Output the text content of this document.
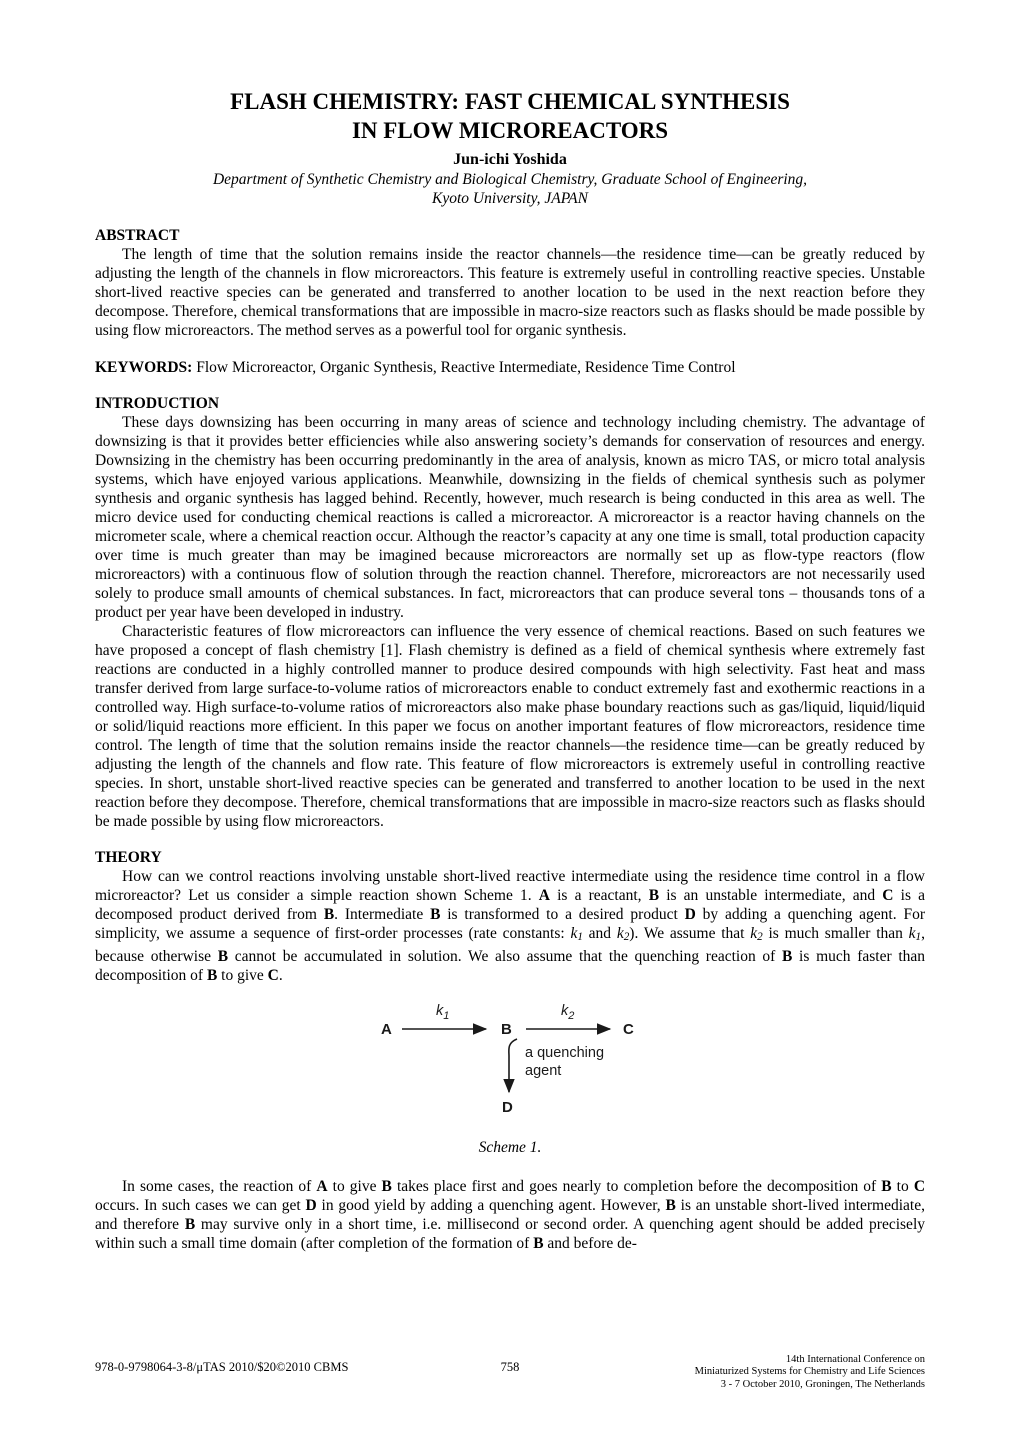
FLASH CHEMISTRY: FAST CHEMICAL SYNTHESIS
IN FLOW MICROREACTORS
Jun-ichi Yoshida
Department of Synthetic Chemistry and Biological Chemistry, Graduate School of Engineering,
Kyoto University, JAPAN
ABSTRACT

The length of time that the solution remains inside the reactor channels—the residence time—can be greatly reduced by adjusting the length of the channels in flow microreactors. This feature is extremely useful in controlling reactive species. Unstable short-lived reactive species can be generated and transferred to another location to be used in the next reaction before they decompose. Therefore, chemical transformations that are impossible in macro-size reactors such as flasks should be made possible by using flow microreactors. The method serves as a powerful tool for organic synthesis.

KEYWORDS: Flow Microreactor, Organic Synthesis, Reactive Intermediate, Residence Time Control

INTRODUCTION

These days downsizing has been occurring in many areas of science and technology including chemistry. The advantage of downsizing is that it provides better efficiencies while also answering society’s demands for conservation of resources and energy. Downsizing in the chemistry has been occurring predominantly in the area of analysis, known as micro TAS, or micro total analysis systems, which have enjoyed various applications. Meanwhile, downsizing in the fields of chemical synthesis such as polymer synthesis and organic synthesis has lagged behind. Recently, however, much research is being conducted in this area as well. The micro device used for conducting chemical reactions is called a microreactor. A microreactor is a reactor having channels on the micrometer scale, where a chemical reaction occur. Although the reactor’s capacity at any one time is small, total production capacity over time is much greater than may be imagined because microreactors are normally set up as flow-type reactors (flow microreactors) with a continuous flow of solution through the reaction channel. Therefore, microreactors are not necessarily used solely to produce small amounts of chemical substances. In fact, microreactors that can produce several tons – thousands tons of a product per year have been developed in industry.

Characteristic features of flow microreactors can influence the very essence of chemical reactions. Based on such features we have proposed a concept of flash chemistry [1]. Flash chemistry is defined as a field of chemical synthesis where extremely fast reactions are conducted in a highly controlled manner to produce desired compounds with high selectivity. Fast heat and mass transfer derived from large surface-to-volume ratios of microreactors enable to conduct extremely fast and exothermic reactions in a controlled way. High surface-to-volume ratios of microreactors also make phase boundary reactions such as gas/liquid, liquid/liquid or solid/liquid reactions more efficient. In this paper we focus on another important features of flow microreactors, residence time control. The length of time that the solution remains inside the reactor channels—the residence time—can be greatly reduced by adjusting the length of the channels and flow rate. This feature of flow microreactors is extremely useful in controlling reactive species. In short, unstable short-lived reactive species can be generated and transferred to another location to be used in the next reaction before they decompose. Therefore, chemical transformations that are impossible in macro-size reactors such as flasks should be made possible by using flow microreactors.

THEORY

How can we control reactions involving unstable short-lived reactive intermediate using the residence time control in a flow microreactor? Let us consider a simple reaction shown Scheme 1. A is a reactant, B is an unstable intermediate, and C is a decomposed product derived from B. Intermediate B is transformed to a desired product D by adding a quenching agent. For simplicity, we assume a sequence of first-order processes (rate constants: k1 and k2). We assume that k2 is much smaller than k1, because otherwise B cannot be accumulated in solution. We also assume that the quenching reaction of B is much faster than decomposition of B to give C.

A
$k_1$
B
$k_2$
C
a quenching
agent
D
Scheme 1.

In some cases, the reaction of A to give B takes place first and goes nearly to completion before the decomposition of B to C occurs. In such cases we can get D in good yield by adding a quenching agent. However, B is an unstable short-lived intermediate, and therefore B may survive only in a short time, i.e. millisecond or second order. A quenching agent should be added precisely within such a small time domain (after completion of the formation of B and before de-

978-0-9798064-3-8/μTAS 2010/$20©2010 CBMS	758
14th International Conference on
Miniaturized Systems for Chemistry and Life Sciences
3 - 7 October 2010, Groningen, The Netherlands
